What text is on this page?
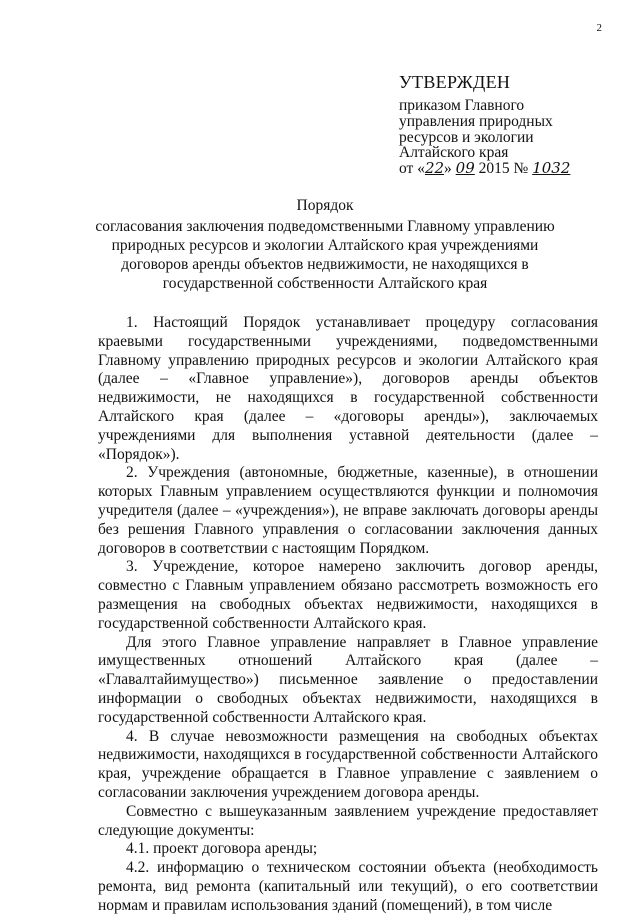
2
УТВЕРЖДЕН
приказом Главного
управления природных
ресурсов и экологии
Алтайского края
от «22» 09 2015 № 1032
Порядок
согласования заключения подведомственными Главному управлению природных ресурсов и экологии Алтайского края учреждениями договоров аренды объектов недвижимости, не находящихся в государственной собственности Алтайского края

1. Настоящий Порядок устанавливает процедуру согласования краевыми государственными учреждениями, подведомственными Главному управлению природных ресурсов и экологии Алтайского края (далее – «Главное управление»), договоров аренды объектов недвижимости, не находящихся в государственной собственности Алтайского края (далее – «договоры аренды»), заключаемых учреждениями для выполнения уставной деятельности (далее – «Порядок»).

2. Учреждения (автономные, бюджетные, казенные), в отношении которых Главным управлением осуществляются функции и полномочия учредителя (далее – «учреждения»), не вправе заключать договоры аренды без решения Главного управления о согласовании заключения данных договоров в соответствии с настоящим Порядком.

3. Учреждение, которое намерено заключить договор аренды, совместно с Главным управлением обязано рассмотреть возможность его размещения на свободных объектах недвижимости, находящихся в государственной собственности Алтайского края.

Для этого Главное управление направляет в Главное управление имущественных отношений Алтайского края (далее – «Главалтайимущество») письменное заявление о предоставлении информации о свободных объектах недвижимости, находящихся в государственной собственности Алтайского края.

4. В случае невозможности размещения на свободных объектах недвижимости, находящихся в государственной собственности Алтайского края, учреждение обращается в Главное управление с заявлением о согласовании заключения учреждением договора аренды.

Совместно с вышеуказанным заявлением учреждение предоставляет следующие документы:

4.1. проект договора аренды;

4.2. информацию о техническом состоянии объекта (необходимость ремонта, вид ремонта (капитальный или текущий), о его соответствии нормам и правилам использования зданий (помещений), в том числе
